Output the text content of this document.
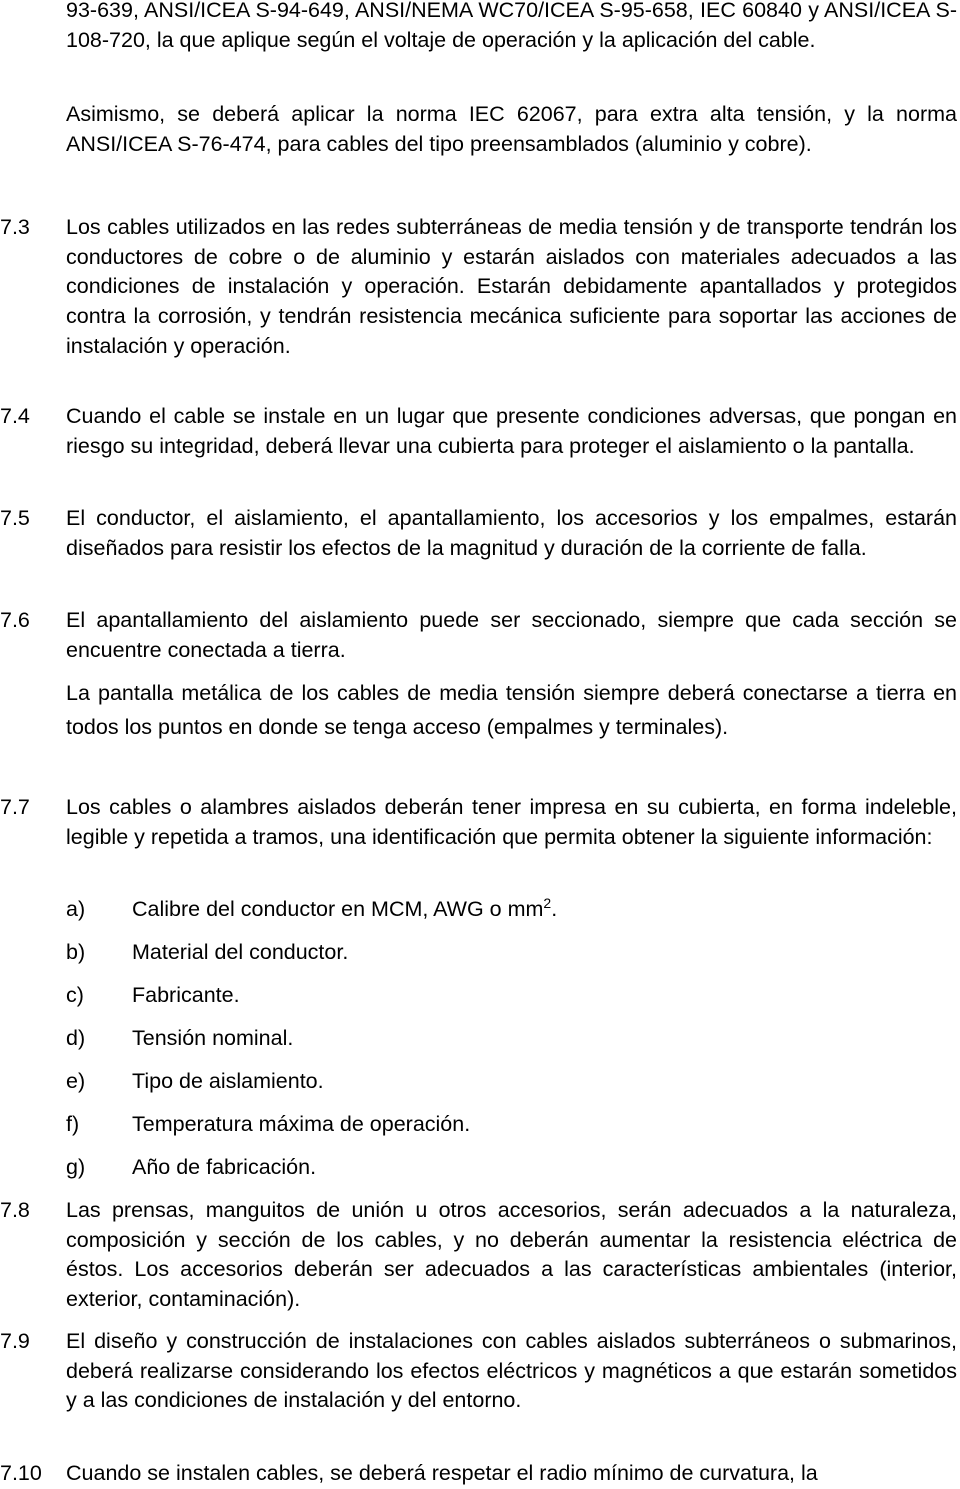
93-639, ANSI/ICEA S-94-649, ANSI/NEMA WC70/ICEA S-95-658, IEC 60840 y ANSI/ICEA S-108-720, la que aplique según el voltaje de operación y la aplicación del cable.

Asimismo, se deberá aplicar la norma IEC 62067, para extra alta tensión, y la norma ANSI/ICEA S-76-474, para cables del tipo preensamblados (aluminio y cobre).

7.3 Los cables utilizados en las redes subterráneas de media tensión y de transporte tendrán los conductores de cobre o de aluminio y estarán aislados con materiales adecuados a las condiciones de instalación y operación. Estarán debidamente apantallados y protegidos contra la corrosión, y tendrán resistencia mecánica suficiente para soportar las acciones de instalación y operación.

7.4 Cuando el cable se instale en un lugar que presente condiciones adversas, que pongan en riesgo su integridad, deberá llevar una cubierta para proteger el aislamiento o la pantalla.

7.5 El conductor, el aislamiento, el apantallamiento, los accesorios y los empalmes, estarán diseñados para resistir los efectos de la magnitud y duración de la corriente de falla.

7.6 El apantallamiento del aislamiento puede ser seccionado, siempre que cada sección se encuentre conectada a tierra.

La pantalla metálica de los cables de media tensión siempre deberá conectarse a tierra en todos los puntos en donde se tenga acceso (empalmes y terminales).

7.7 Los cables o alambres aislados deberán tener impresa en su cubierta, en forma indeleble, legible y repetida a tramos, una identificación que permita obtener la siguiente información:

a) Calibre del conductor en MCM, AWG o $mm^2$.

b) Material del conductor.

c) Fabricante.

d) Tensión nominal.

e) Tipo de aislamiento.

f) Temperatura máxima de operación.

g) Año de fabricación.

7.8 Las prensas, manguitos de unión u otros accesorios, serán adecuados a la naturaleza, composición y sección de los cables, y no deberán aumentar la resistencia eléctrica de éstos. Los accesorios deberán ser adecuados a las características ambientales (interior, exterior, contaminación).

7.9 El diseño y construcción de instalaciones con cables aislados subterráneos o submarinos, deberá realizarse considerando los efectos eléctricos y magnéticos a que estarán sometidos y a las condiciones de instalación y del entorno.

7.10 Cuando se instalen cables, se deberá respetar el radio mínimo de curvatura, la
